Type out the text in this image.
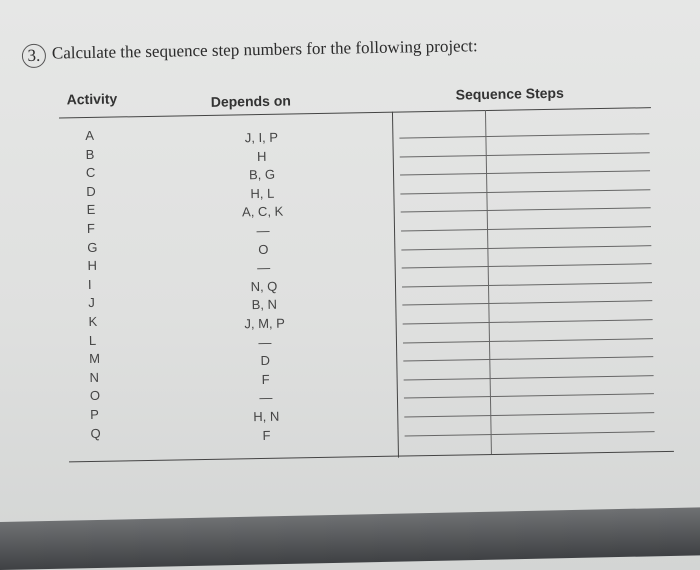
3. Calculate the sequence step numbers for the following project:
Activity	Depends on	Sequence Steps
A
B
C
D
E
F
G
H
I
J
K
L
M
N
O
P
Q
J, I, P
H
B, G
H, L
A, C, K
—
O
—
N, Q
B, N
J, M, P
—
D
F
—
H, N
F
